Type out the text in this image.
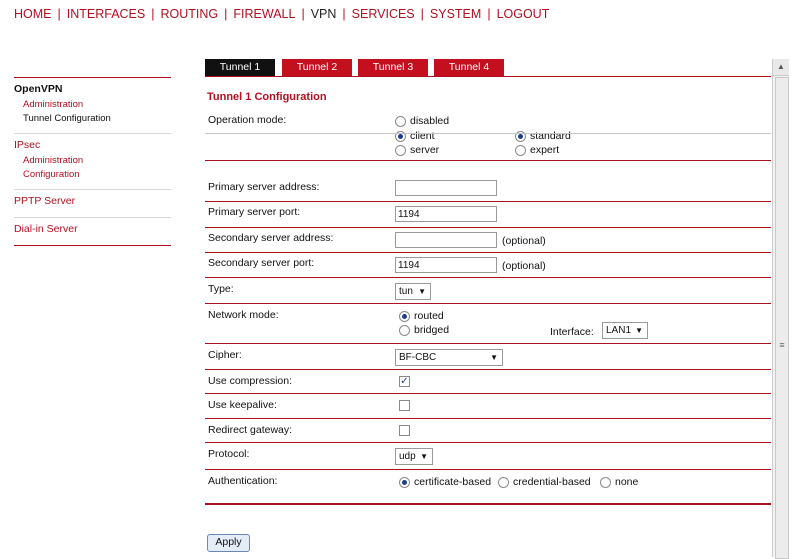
HOME | INTERFACES | ROUTING | FIREWALL | VPN | SERVICES | SYSTEM | LOGOUT
OpenVPN
Administration
Tunnel Configuration
IPsec
Administration
Configuration
PPTP Server
Dial-in Server
Tunnel 1	Tunnel 2	Tunnel 3	Tunnel 4
Tunnel 1 Configuration
Operation mode:	disabled
client
server
standard
expert
Primary server address:
Primary server port:	1194
Secondary server address:	(optional)
Secondary server port:	1194	(optional)
Type:	tun ▼
Network mode:	routed
bridged	Interface:	LAN1 ▼
Cipher:	BF-CBC	▼
Use compression:	✓
Use keepalive:
Redirect gateway:
Protocol:	udp ▼
Authentication:	certificate-based	credential-based	none
Apply
▲
≡
